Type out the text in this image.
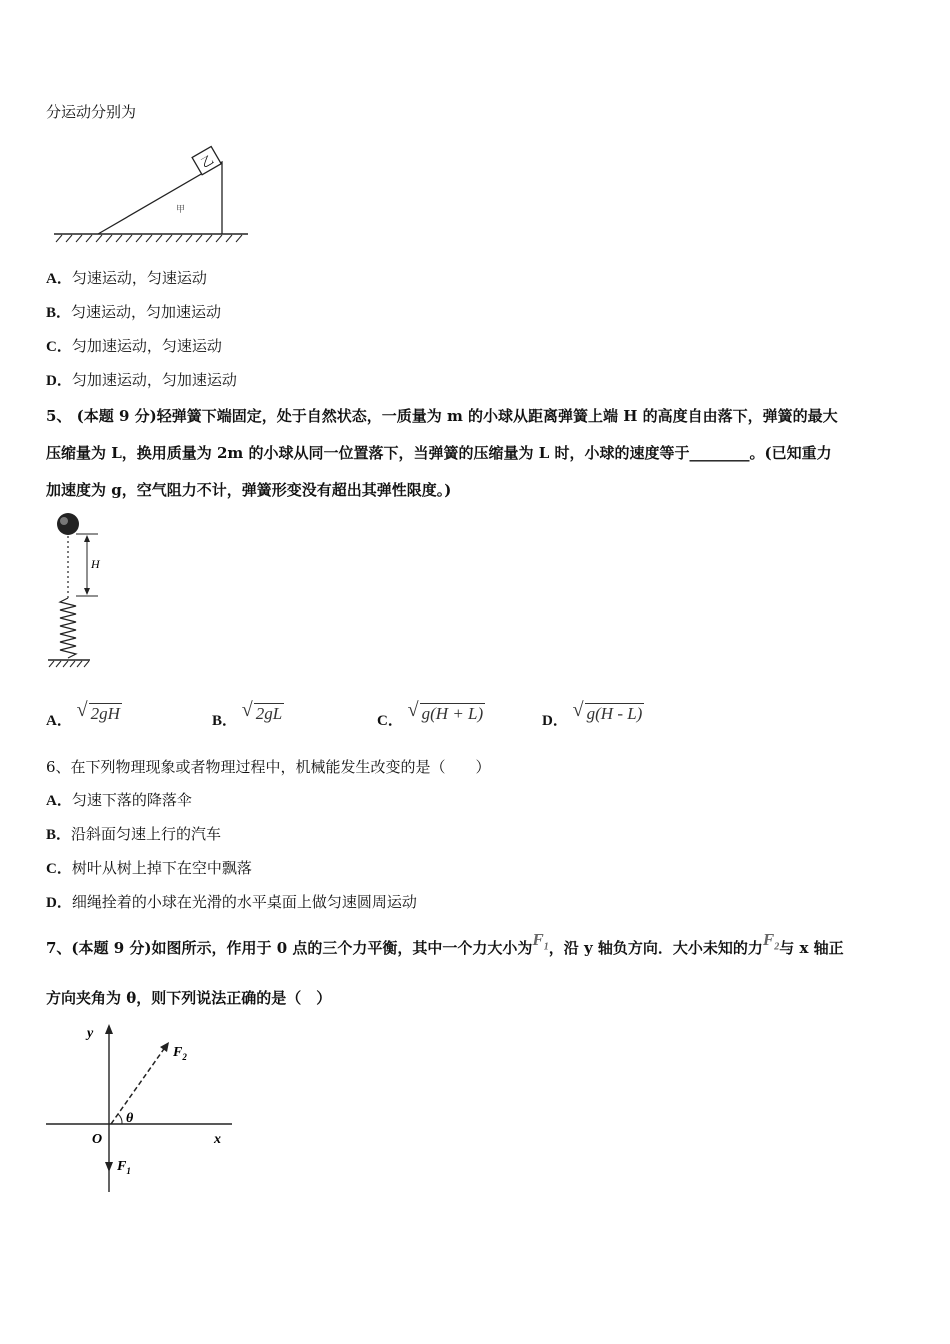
分运动分别为
乙
甲
A．匀速运动，匀速运动
B．匀速运动，匀加速运动
C．匀加速运动，匀速运动
D．匀加速运动，匀加速运动
5、 (本题 9 分)轻弹簧下端固定，处于自然状态，一质量为 m 的小球从距离弹簧上端 H 的高度自由落下，弹簧的最大
压缩量为 L，换用质量为 2m 的小球从同一位置落下，当弹簧的压缩量为 L 时，小球的速度等于________。(已知重力
加速度为 g，空气阻力不计，弹簧形变没有超出其弹性限度。)
H
A． √ 2gH	B． √ 2gL	C． √ g(H + L)	D． √ g(H - L)
6、在下列物理现象或者物理过程中，机械能发生改变的是（　　）
A．匀速下落的降落伞
B．沿斜面匀速上行的汽车
C．树叶从树上掉下在空中飘落
D．细绳拴着的小球在光滑的水平桌面上做匀速圆周运动
7、(本题 9 分)如图所示，作用于 0 点的三个力平衡，其中一个力大小为$F_1$，沿 y 轴负方向．大小未知的力$F_2$与 x 轴正
方向夹角为 θ，则下列说法正确的是（　）
y
x
O
θ
$F_2$
$F_1$
